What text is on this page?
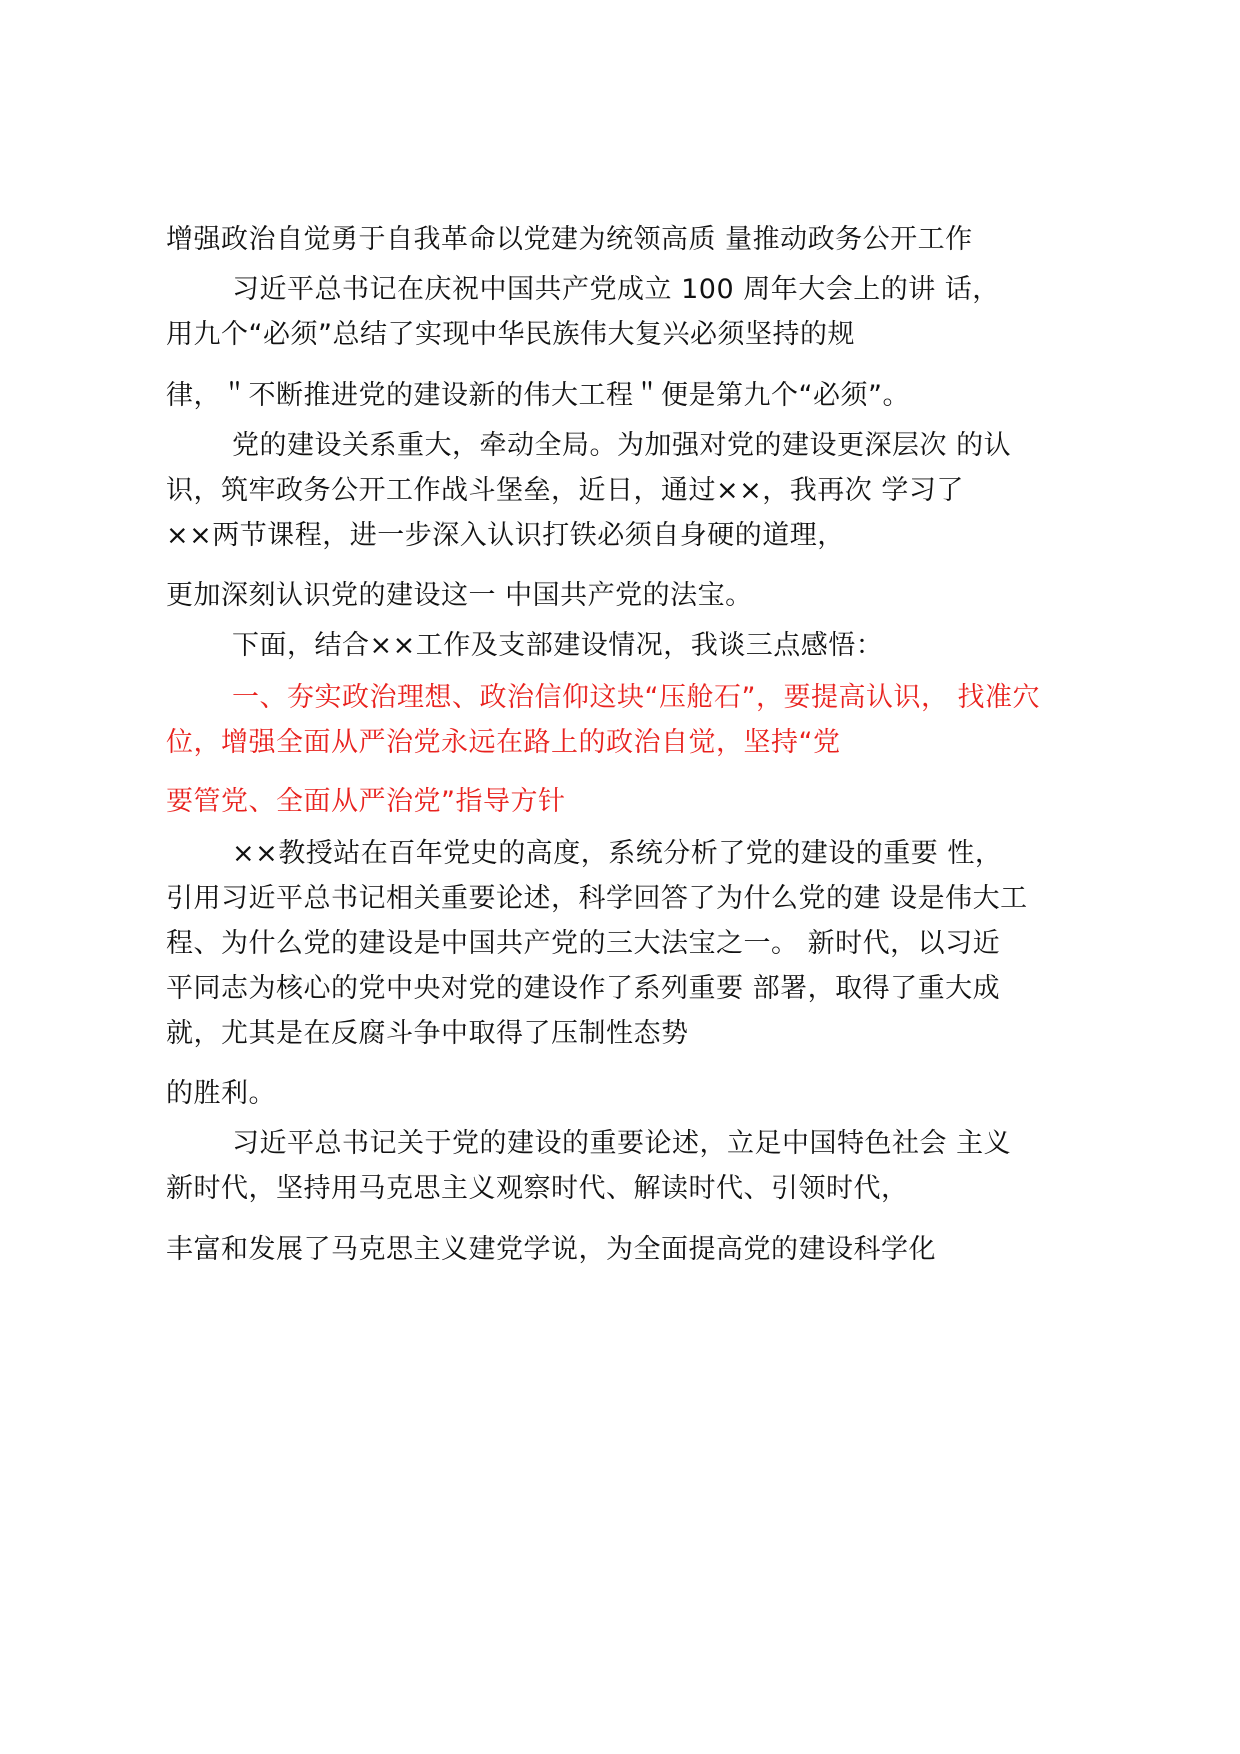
增强政治自觉勇于自我革命以党建为统领高质 量推动政务公开工作
习近平总书记在庆祝中国共产党成立 100 周年大会上的讲 话，
用九个“必须”总结了实现中华民族伟大复兴必须坚持的规
律，＂不断推进党的建设新的伟大工程＂便是第九个“必须”。
党的建设关系重大，牵动全局。为加强对党的建设更深层次 的认
识，筑牢政务公开工作战斗堡垒，近日，通过××，我再次 学习了
××两节课程，进一步深入认识打铁必须自身硬的道理，
更加深刻认识党的建设这一 中国共产党的法宝。
下面，结合××工作及支部建设情况，我谈三点感悟：
一、夯实政治理想、政治信仰这块“压舱石”，要提高认识， 找准穴
位，增强全面从严治党永远在路上的政治自觉，坚持“党
要管党、全面从严治党”指导方针
××教授站在百年党史的高度，系统分析了党的建设的重要 性，
引用习近平总书记相关重要论述，科学回答了为什么党的建 设是伟大工
程、为什么党的建设是中国共产党的三大法宝之一。 新时代，以习近
平同志为核心的党中央对党的建设作了系列重要 部署，取得了重大成
就，尤其是在反腐斗争中取得了压制性态势
的胜利。
习近平总书记关于党的建设的重要论述，立足中国特色社会 主义
新时代，坚持用马克思主义观察时代、解读时代、引领时代，
丰富和发展了马克思主义建党学说，为全面提高党的建设科学化
